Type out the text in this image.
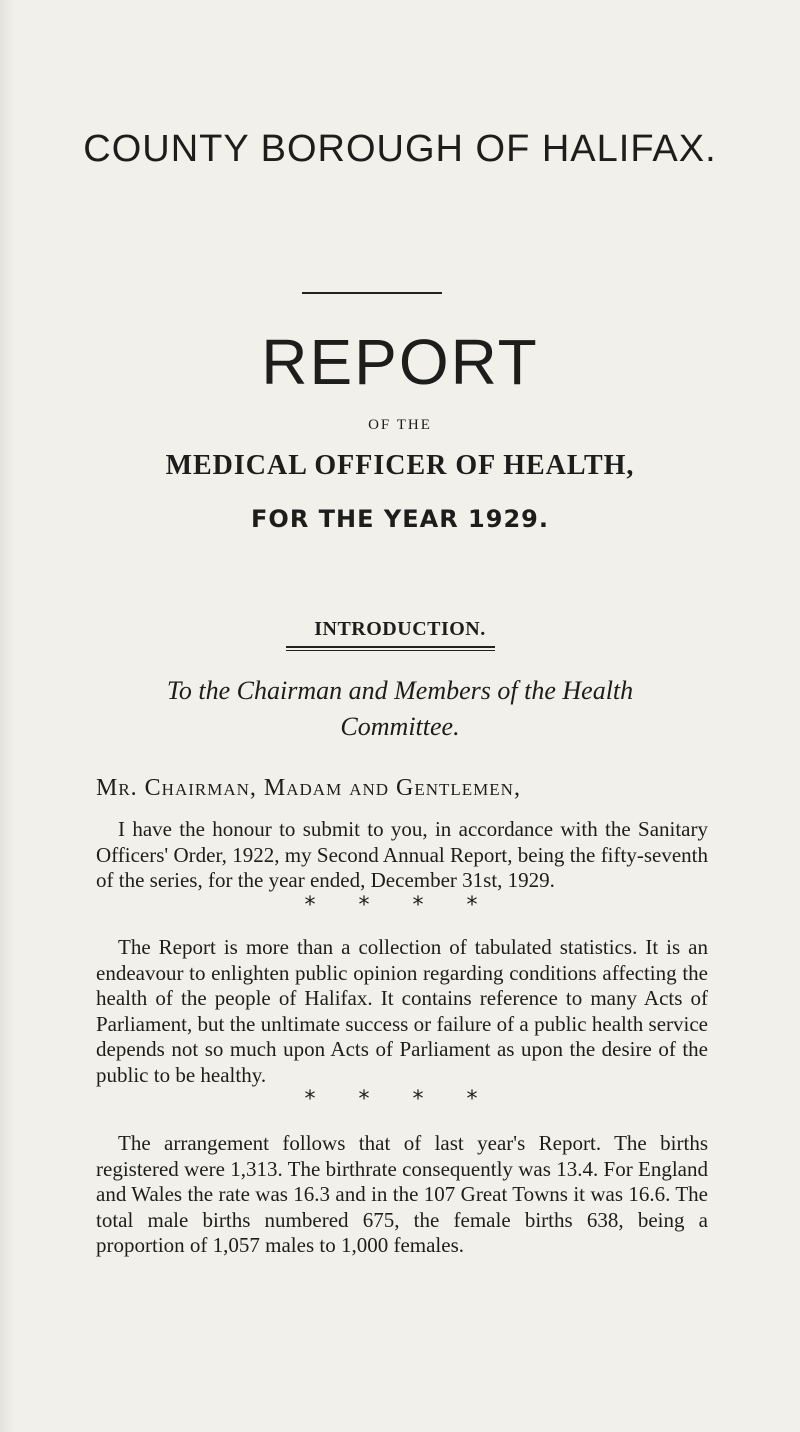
COUNTY BOROUGH OF HALIFAX.
REPORT
OF THE
MEDICAL OFFICER OF HEALTH,
FOR THE YEAR 1929.
INTRODUCTION.
To the Chairman and Members of the Health
Committee.
Mr. Chairman, Madam and Gentlemen,

I have the honour to submit to you, in accordance with the Sanitary Officers' Order, 1922, my Second Annual Report, being the fifty-seventh of the series, for the year ended, December 31st, 1929.

* * * *

The Report is more than a collection of tabulated statistics. It is an endeavour to enlighten public opinion regarding conditions affecting the health of the people of Halifax. It contains reference to many Acts of Parliament, but the unltimate success or failure of a public health service depends not so much upon Acts of Parliament as upon the desire of the public to be healthy.

* * * *

The arrangement follows that of last year's Report. The births registered were 1,313. The birthrate consequently was 13.4. For England and Wales the rate was 16.3 and in the 107 Great Towns it was 16.6. The total male births numbered 675, the female births 638, being a proportion of 1,057 males to 1,000 females.
